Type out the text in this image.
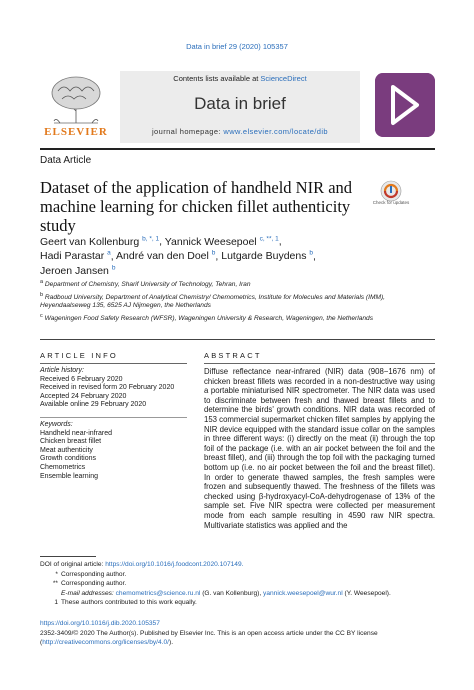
Data in brief 29 (2020) 105357
ELSEVIER
Contents lists available at ScienceDirect
Data in brief
journal homepage: www.elsevier.com/locate/dib
Data Article
Dataset of the application of handheld NIR and machine learning for chicken fillet authenticity study
Check for updates
Geert van Kollenburg $^{b, *, 1}$, Yannick Weesepoel $^{c, **, 1}$,
Hadi Parastar $^a$, André van den Doel $^b$, Lutgarde Buydens $^b$,
Jeroen Jansen $^b$

$^a$ Department of Chemistry, Sharif University of Technology, Tehran, Iran

$^b$ Radboud University, Department of Analytical Chemistry/ Chemometrics, Institute for Molecules and Materials (IMM), Heyendaalseweg 135, 6525 AJ Nijmegen, the Netherlands

$^c$ Wageningen Food Safety Research (WFSR), Wageningen University & Research, Wageningen, the Netherlands

ARTICLE INFO
Article history:
Received 6 February 2020
Received in revised form 20 February 2020
Accepted 24 February 2020
Available online 29 February 2020
Keywords:
Handheld near-infrared
Chicken breast fillet
Meat authenticity
Growth conditions
Chemometrics
Ensemble learning
ABSTRACT
Diffuse reflectance near-infrared (NIR) data (908−1676 nm) of chicken breast fillets was recorded in a non-destructive way using a portable miniaturised NIR spectrometer. The NIR data was used to discriminate between fresh and thawed breast fillets and to determine the birds' growth conditions. NIR data was recorded of 153 commercial supermarket chicken fillet samples by applying the NIR device equipped with the standard issue collar on the samples in three different ways: (i) directly on the meat (ii) through the top foil of the package (i.e. with an air pocket between the foil and the breast fillet), and (iii) through the top foil with the packaging turned bottom up (i.e. no air pocket between the foil and the breast fillet). In order to generate thawed samples, the fresh samples were frozen and subsequently thawed. The freshness of the fillets was checked using β-hydroxyacyl-CoA-dehydrogenase of 13% of the sample set. Five NIR spectra were collected per measurement mode from each sample resulting in 4590 raw NIR spectra. Multivariate statistics was applied and the
DOI of original article: https://doi.org/10.1016/j.foodcont.2020.107149.
* Corresponding author.
** Corresponding author.
E-mail addresses: chemometrics@science.ru.nl (G. van Kollenburg), yannick.weesepoel@wur.nl (Y. Weesepoel).
1 These authors contributed to this work equally.

https://doi.org/10.1016/j.dib.2020.105357

2352-3409/© 2020 The Author(s). Published by Elsevier Inc. This is an open access article under the CC BY license (http://creativecommons.org/licenses/by/4.0/).
